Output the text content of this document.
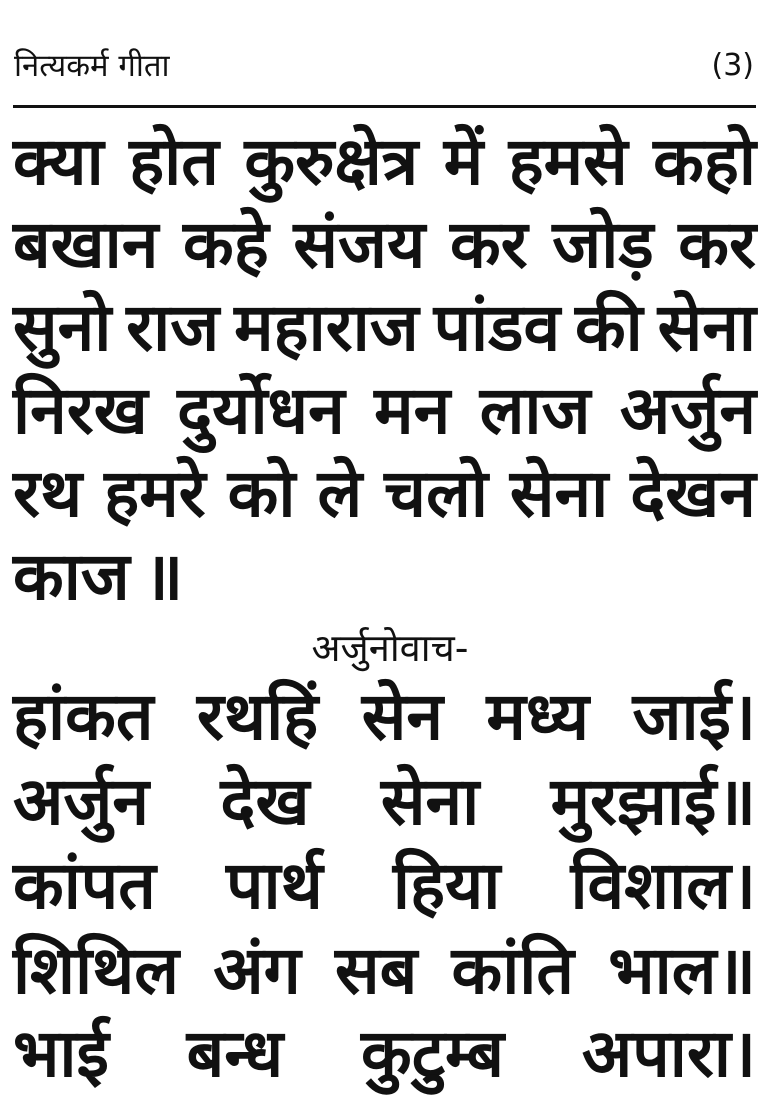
नित्यकर्म गीता	(3)
क्या होत कुरुक्षेत्र में हमसे कहो
बखान कहे संजय कर जोड़ कर
सुनो राज महाराज पांडव की सेना
निरख दुर्योधन मन लाज अर्जुन
रथ हमरे को ले चलो सेना देखन
काज ॥
अर्जुनोवाच-
हांकत रथहिं सेन मध्य जाई।
अर्जुन देख सेना मुरझाई॥
कांपत पार्थ हिया विशाल।
शिथिल अंग सब कांति भाल॥
भाई बन्ध कुटुम्ब अपारा।
